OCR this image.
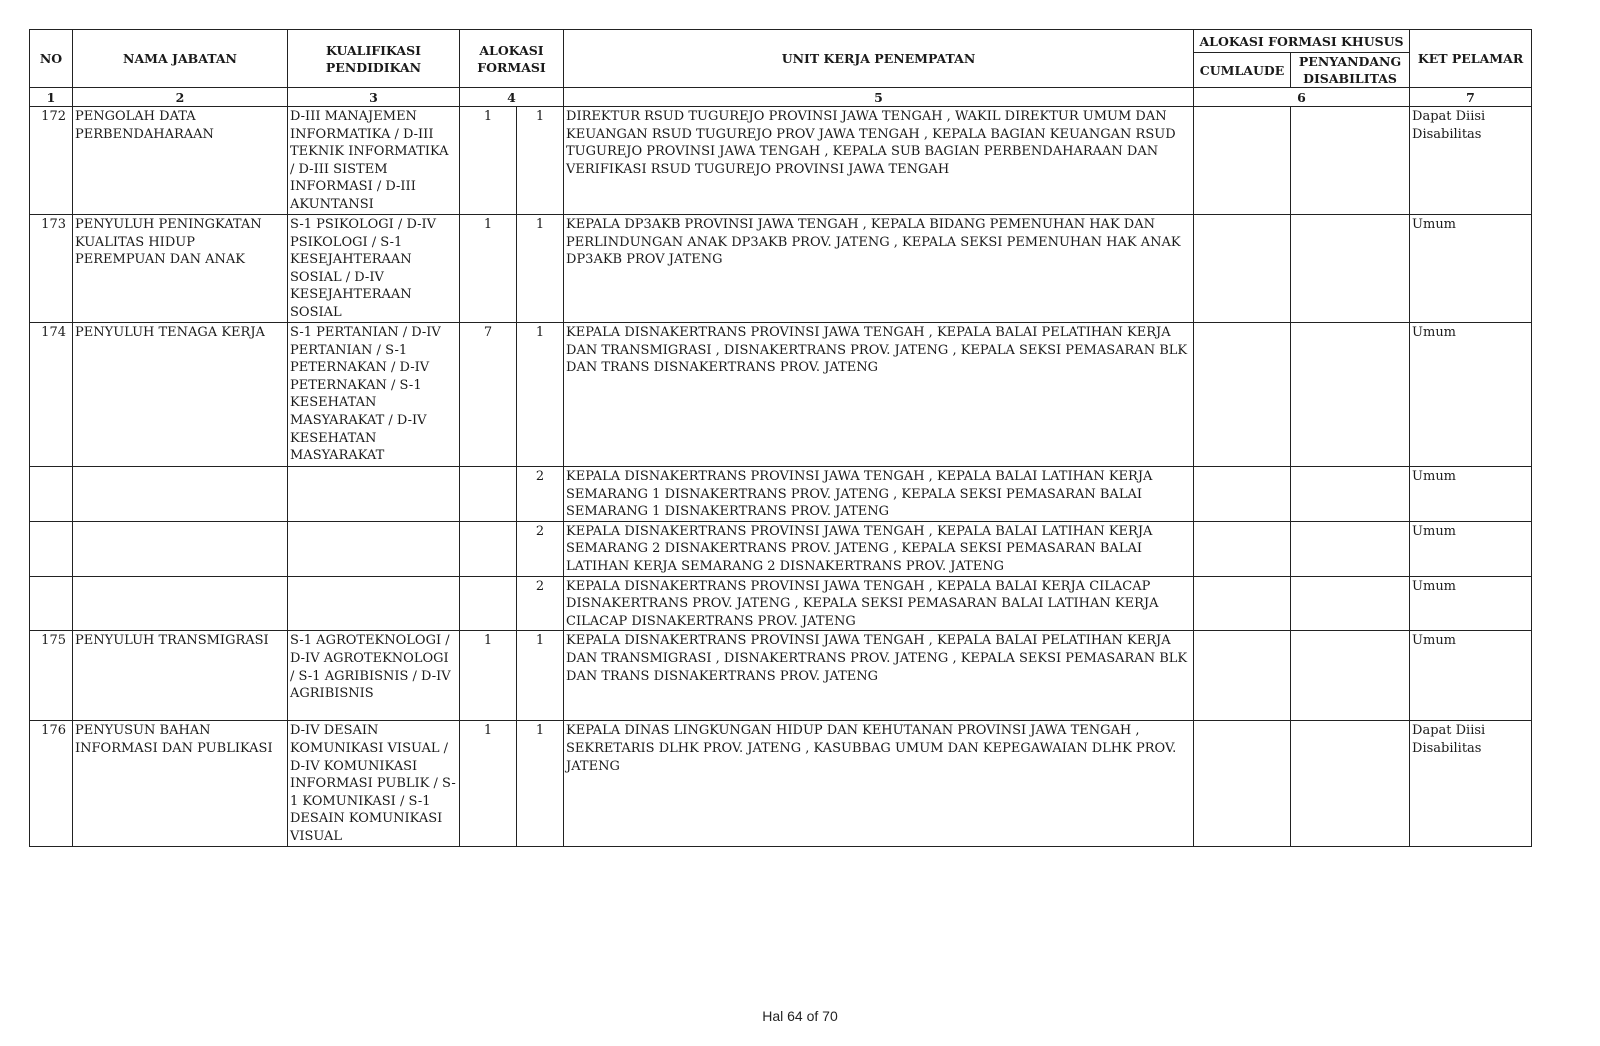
NO	NAMA JABATAN	KUALIFIKASI PENDIDIKAN	ALOKASI FORMASI		UNIT KERJA PENEMPATAN	ALOKASI FORMASI KHUSUS		KET PELAMAR
						CUMLAUDE	PENYANDANG DISABILITAS	
1	2	3	4		5	6		7
172	PENGOLAH DATA PERBENDAHARAAN	D-III MANAJEMEN INFORMATIKA / D-III TEKNIK INFORMATIKA / D-III SISTEM INFORMASI / D-III AKUNTANSI	1	1	DIREKTUR RSUD TUGUREJO PROVINSI JAWA TENGAH , WAKIL DIREKTUR UMUM DAN KEUANGAN RSUD TUGUREJO PROV JAWA TENGAH , KEPALA BAGIAN KEUANGAN RSUD TUGUREJO PROVINSI JAWA TENGAH , KEPALA SUB BAGIAN PERBENDAHARAAN DAN VERIFIKASI RSUD TUGUREJO PROVINSI JAWA TENGAH			Dapat Diisi Disabilitas
173	PENYULUH PENINGKATAN KUALITAS HIDUP PEREMPUAN DAN ANAK	S-1 PSIKOLOGI / D-IV PSIKOLOGI / S-1 KESEJAHTERAAN SOSIAL / D-IV KESEJAHTERAAN SOSIAL	1	1	KEPALA DP3AKB PROVINSI JAWA TENGAH , KEPALA BIDANG PEMENUHAN HAK DAN PERLINDUNGAN ANAK DP3AKB PROV. JATENG , KEPALA SEKSI PEMENUHAN HAK ANAK DP3AKB PROV JATENG			Umum
174	PENYULUH TENAGA KERJA	S-1 PERTANIAN / D-IV PERTANIAN / S-1 PETERNAKAN / D-IV PETERNAKAN / S-1 KESEHATAN MASYARAKAT / D-IV KESEHATAN MASYARAKAT	7	1	KEPALA DISNAKERTRANS PROVINSI JAWA TENGAH , KEPALA BALAI PELATIHAN KERJA DAN TRANSMIGRASI , DISNAKERTRANS PROV. JATENG , KEPALA SEKSI PEMASARAN BLK DAN TRANS DISNAKERTRANS PROV. JATENG			Umum
				2	KEPALA DISNAKERTRANS PROVINSI JAWA TENGAH , KEPALA BALAI LATIHAN KERJA SEMARANG 1 DISNAKERTRANS PROV. JATENG , KEPALA SEKSI PEMASARAN BALAI SEMARANG 1 DISNAKERTRANS PROV. JATENG			Umum
				2	KEPALA DISNAKERTRANS PROVINSI JAWA TENGAH , KEPALA BALAI LATIHAN KERJA SEMARANG 2 DISNAKERTRANS PROV. JATENG , KEPALA SEKSI PEMASARAN BALAI LATIHAN KERJA SEMARANG 2 DISNAKERTRANS PROV. JATENG			Umum
				2	KEPALA DISNAKERTRANS PROVINSI JAWA TENGAH , KEPALA BALAI KERJA CILACAP DISNAKERTRANS PROV. JATENG , KEPALA SEKSI PEMASARAN BALAI LATIHAN KERJA CILACAP DISNAKERTRANS PROV. JATENG			Umum
175	PENYULUH TRANSMIGRASI	S-1 AGROTEKNOLOGI / D-IV AGROTEKNOLOGI / S-1 AGRIBISNIS / D-IV AGRIBISNIS	1	1	KEPALA DISNAKERTRANS PROVINSI JAWA TENGAH , KEPALA BALAI PELATIHAN KERJA DAN TRANSMIGRASI , DISNAKERTRANS PROV. JATENG , KEPALA SEKSI PEMASARAN BLK DAN TRANS DISNAKERTRANS PROV. JATENG			Umum
176	PENYUSUN BAHAN INFORMASI DAN PUBLIKASI	D-IV DESAIN KOMUNIKASI VISUAL / D-IV KOMUNIKASI INFORMASI PUBLIK / S-1 KOMUNIKASI / S-1 DESAIN KOMUNIKASI VISUAL	1	1	KEPALA DINAS LINGKUNGAN HIDUP DAN KEHUTANAN PROVINSI JAWA TENGAH , SEKRETARIS DLHK PROV. JATENG , KASUBBAG UMUM DAN KEPEGAWAIAN DLHK PROV. JATENG			Dapat Diisi Disabilitas
Hal 64 of 70
